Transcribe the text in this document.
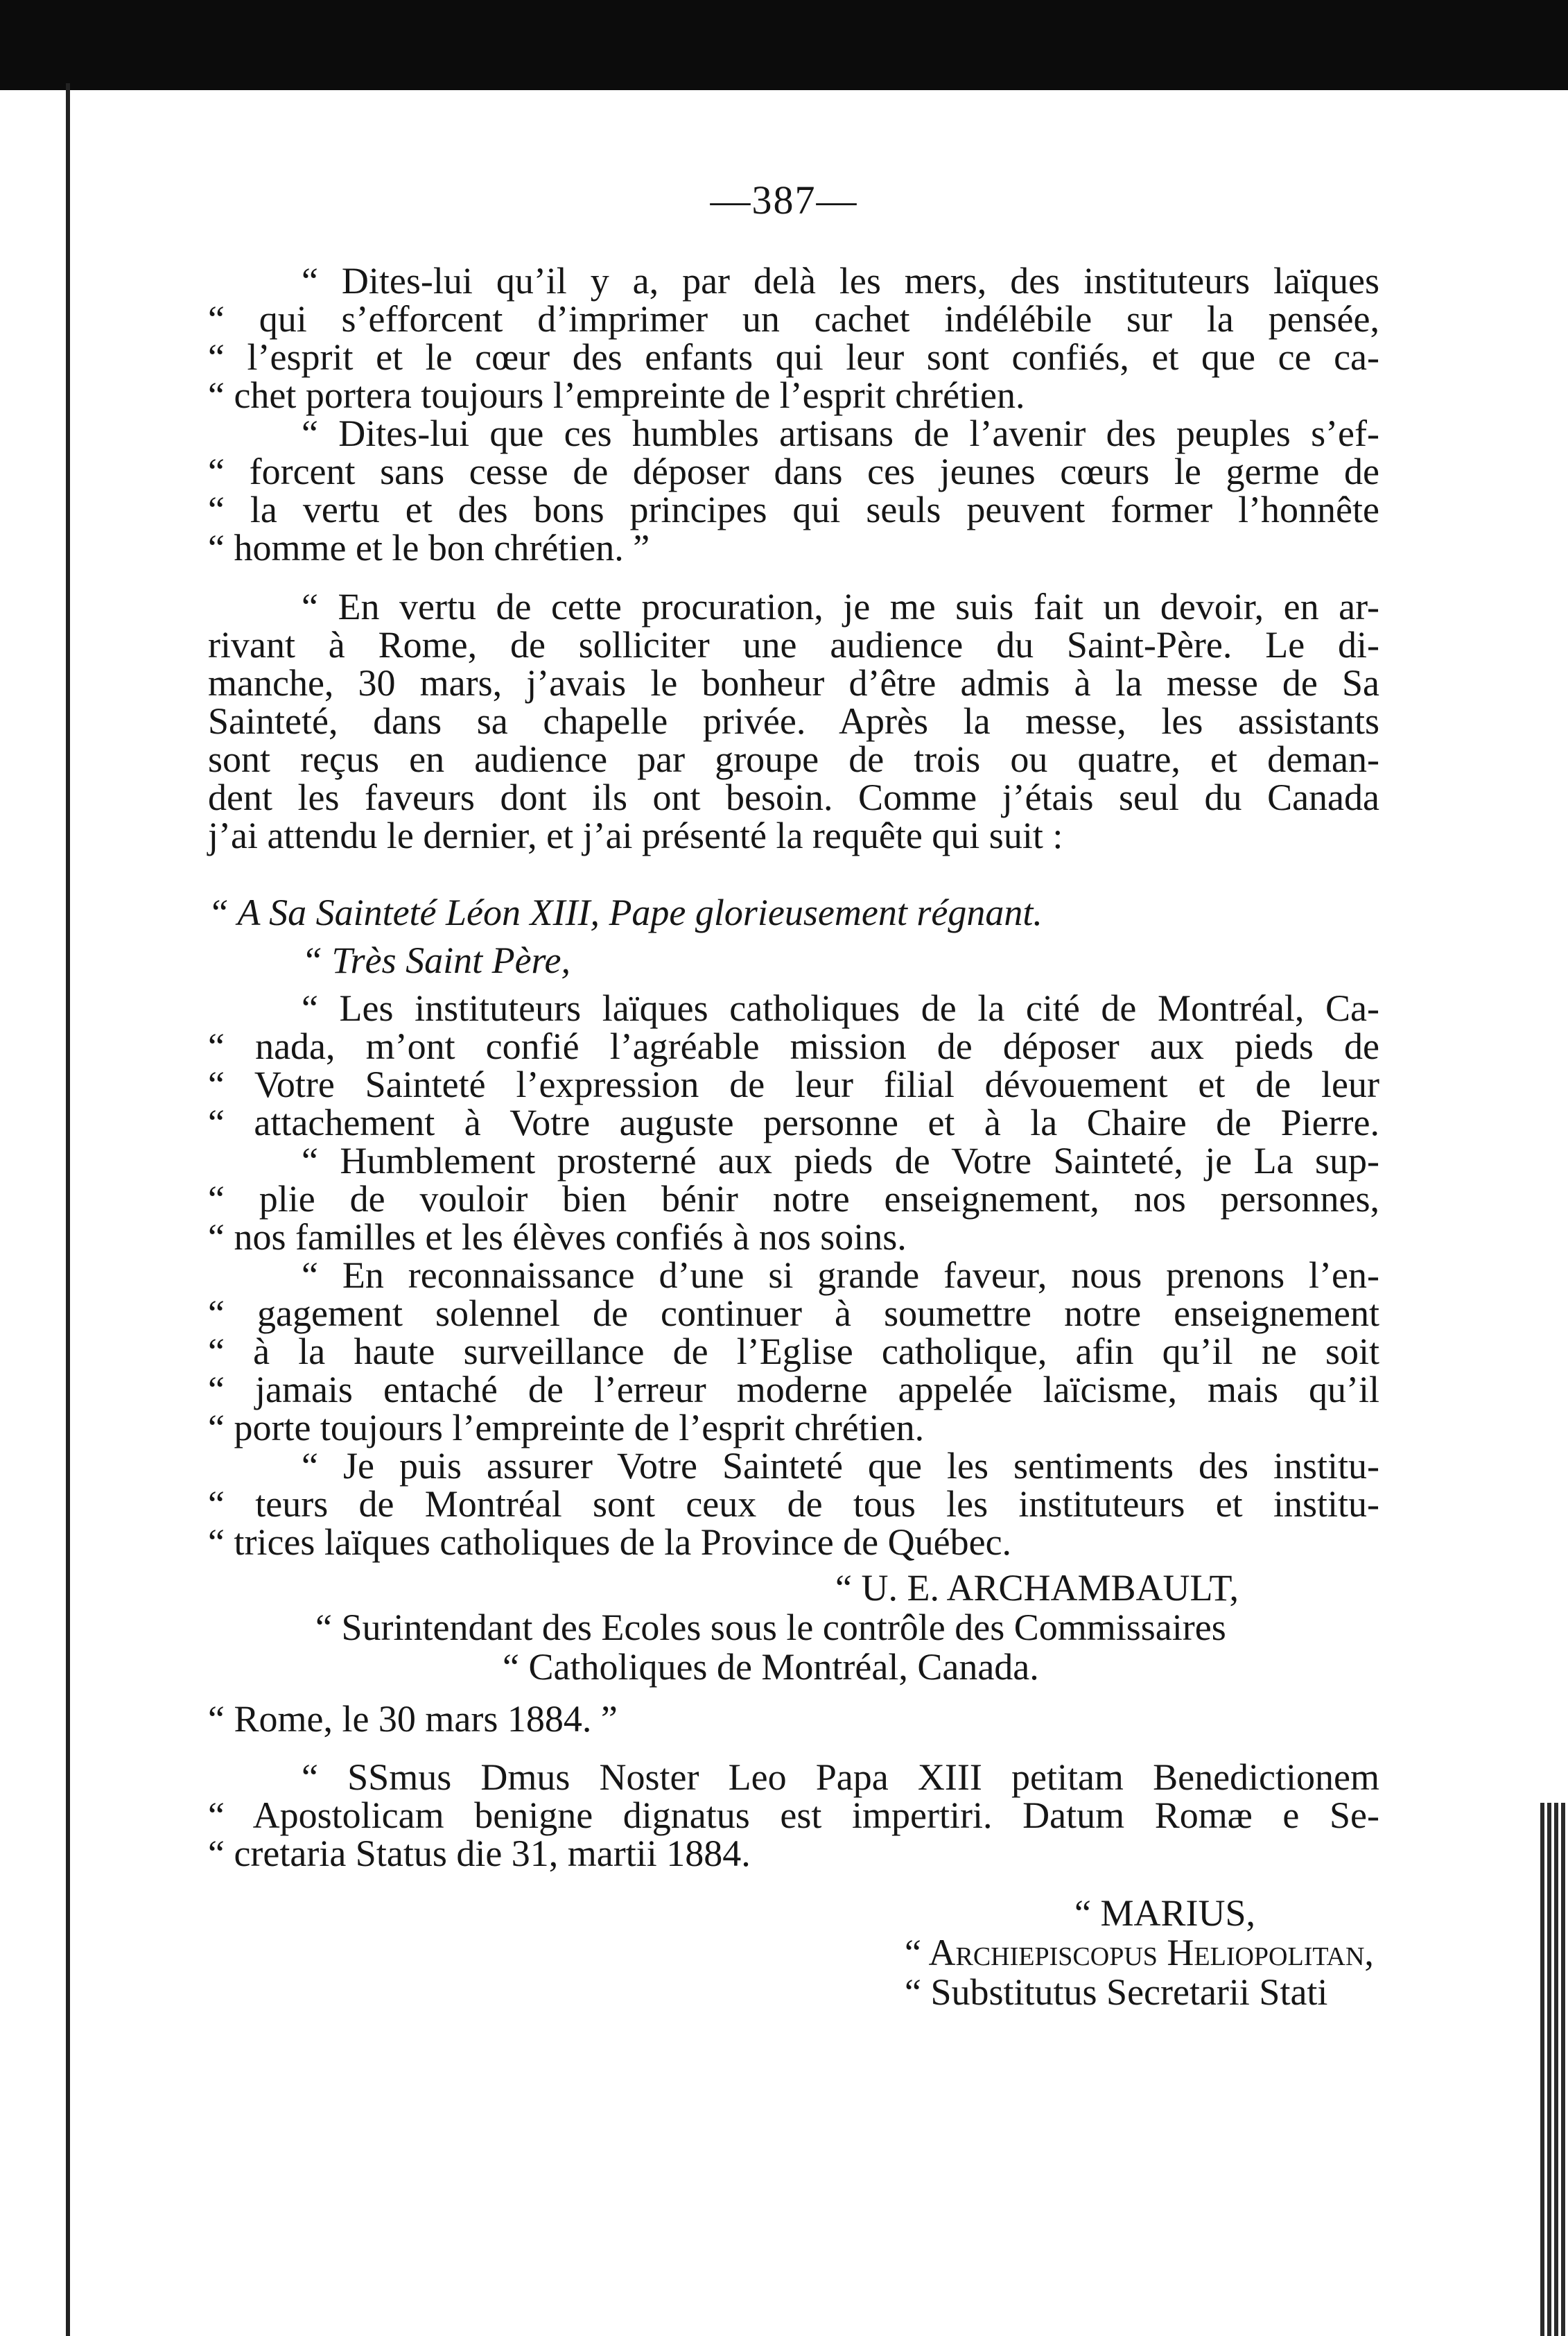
—387—
“ Dites-lui qu’il y a, par delà les mers, des instituteurs laïques
“ qui s’efforcent d’imprimer un cachet indélébile sur la pensée,
“ l’esprit et le cœur des enfants qui leur sont confiés, et que ce ca-
“ chet portera toujours l’empreinte de l’esprit chrétien.
“ Dites-lui que ces humbles artisans de l’avenir des peuples s’ef-
“ forcent sans cesse de déposer dans ces jeunes cœurs le germe de
“ la vertu et des bons principes qui seuls peuvent former l’honnête
“ homme et le bon chrétien. ”
“ En vertu de cette procuration, je me suis fait un devoir, en ar-
rivant à Rome, de solliciter une audience du Saint-Père. Le di-
manche, 30 mars, j’avais le bonheur d’être admis à la messe de Sa
Sainteté, dans sa chapelle privée. Après la messe, les assistants
sont reçus en audience par groupe de trois ou quatre, et deman-
dent les faveurs dont ils ont besoin. Comme j’étais seul du Canada
j’ai attendu le dernier, et j’ai présenté la requête qui suit :
“ A Sa Sainteté Léon XIII, Pape glorieusement régnant.
“ Très Saint Père,
“ Les instituteurs laïques catholiques de la cité de Montréal, Ca-
“ nada, m’ont confié l’agréable mission de déposer aux pieds de
“ Votre Sainteté l’expression de leur filial dévouement et de leur
“ attachement à Votre auguste personne et à la Chaire de Pierre.
“ Humblement prosterné aux pieds de Votre Sainteté, je La sup-
“ plie de vouloir bien bénir notre enseignement, nos personnes,
“ nos familles et les élèves confiés à nos soins.
“ En reconnaissance d’une si grande faveur, nous prenons l’en-
“ gagement solennel de continuer à soumettre notre enseignement
“ à la haute surveillance de l’Eglise catholique, afin qu’il ne soit
“ jamais entaché de l’erreur moderne appelée laïcisme, mais qu’il
“ porte toujours l’empreinte de l’esprit chrétien.
“ Je puis assurer Votre Sainteté que les sentiments des institu-
“ teurs de Montréal sont ceux de tous les instituteurs et institu-
“ trices laïques catholiques de la Province de Québec.
“ U. E. ARCHAMBAULT,
“ Surintendant des Ecoles sous le contrôle des Commissaires
“ Catholiques de Montréal, Canada.
“ Rome, le 30 mars 1884. ”
“ SSmus Dmus Noster Leo Papa XIII petitam Benedictionem
“ Apostolicam benigne dignatus est impertiri. Datum Romæ e Se-
“ cretaria Status die 31, martii 1884.
“ MARIUS,
“ Archiepiscopus Heliopolitan,
“ Substitutus Secretarii Stati
